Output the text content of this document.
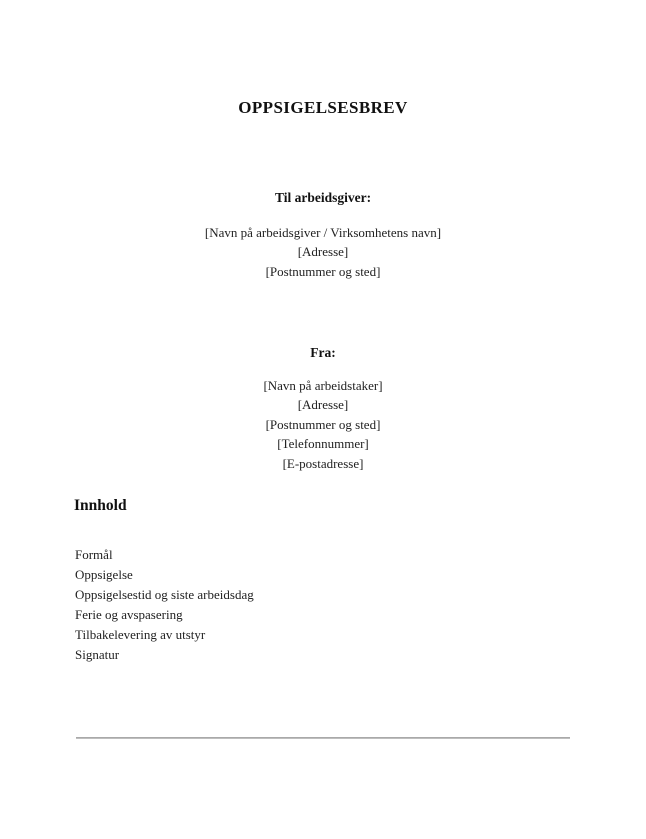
OPPSIGELSESBREV
Til arbeidsgiver:
[Navn på arbeidsgiver / Virksomhetens navn]
[Adresse]
[Postnummer og sted]
Fra:
[Navn på arbeidstaker]
[Adresse]
[Postnummer og sted]
[Telefonnummer]
[E-postadresse]
Innhold
Formål
Oppsigelse
Oppsigelsestid og siste arbeidsdag
Ferie og avspasering
Tilbakelevering av utstyr
Signatur
